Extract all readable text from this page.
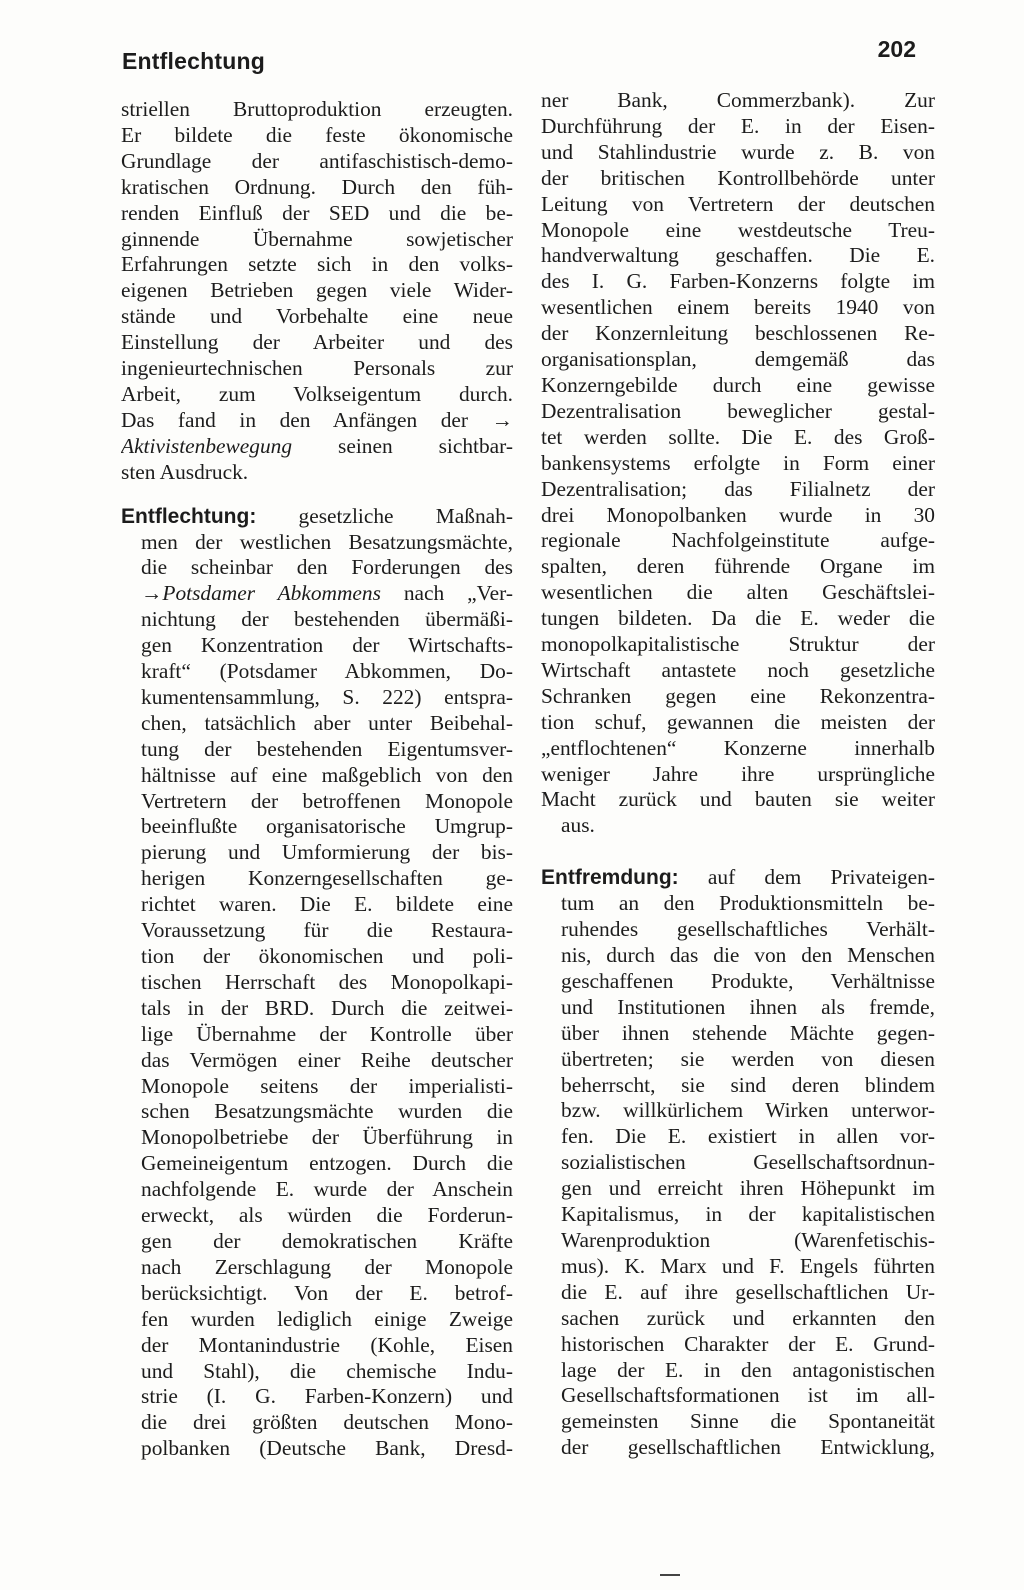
Entflechtung	202
striellen Bruttoproduktion erzeugten.
Er bildete die feste ökonomische
Grundlage der antifaschistisch-demo-
kratischen Ordnung. Durch den füh-
renden Einfluß der SED und die be-
ginnende Übernahme sowjetischer
Erfahrungen setzte sich in den volks-
eigenen Betrieben gegen viele Wider-
stände und Vorbehalte eine neue
Einstellung der Arbeiter und des
ingenieurtechnischen Personals zur
Arbeit, zum Volkseigentum durch.
Das fand in den Anfängen der →
Aktivistenbewegung seinen sichtbar-
sten Ausdruck.
Entflechtung: gesetzliche Maßnah-
men der westlichen Besatzungsmächte,
die scheinbar den Forderungen des
→Potsdamer Abkommens nach „Ver-
nichtung der bestehenden übermäßi-
gen Konzentration der Wirtschafts-
kraft“ (Potsdamer Abkommen, Do-
kumentensammlung, S. 222) entspra-
chen, tatsächlich aber unter Beibehal-
tung der bestehenden Eigentumsver-
hältnisse auf eine maßgeblich von den
Vertretern der betroffenen Monopole
beeinflußte organisatorische Umgrup-
pierung und Umformierung der bis-
herigen Konzerngesellschaften ge-
richtet waren. Die E. bildete eine
Voraussetzung für die Restaura-
tion der ökonomischen und poli-
tischen Herrschaft des Monopolkapi-
tals in der BRD. Durch die zeitwei-
lige Übernahme der Kontrolle über
das Vermögen einer Reihe deutscher
Monopole seitens der imperialisti-
schen Besatzungsmächte wurden die
Monopolbetriebe der Überführung in
Gemeineigentum entzogen. Durch die
nachfolgende E. wurde der Anschein
erweckt, als würden die Forderun-
gen der demokratischen Kräfte
nach Zerschlagung der Monopole
berücksichtigt. Von der E. betrof-
fen wurden lediglich einige Zweige
der Montanindustrie (Kohle, Eisen
und Stahl), die chemische Indu-
strie (I. G. Farben-Konzern) und
die drei größten deutschen Mono-
polbanken (Deutsche Bank, Dresd-
ner Bank, Commerzbank). Zur
Durchführung der E. in der Eisen-
und Stahlindustrie wurde z. B. von
der britischen Kontrollbehörde unter
Leitung von Vertretern der deutschen
Monopole eine westdeutsche Treu-
handverwaltung geschaffen. Die E.
des I. G. Farben-Konzerns folgte im
wesentlichen einem bereits 1940 von
der Konzernleitung beschlossenen Re-
organisationsplan, demgemäß das
Konzerngebilde durch eine gewisse
Dezentralisation beweglicher gestal-
tet werden sollte. Die E. des Groß-
bankensystems erfolgte in Form einer
Dezentralisation; das Filialnetz der
drei Monopolbanken wurde in 30
regionale Nachfolgeinstitute aufge-
spalten, deren führende Organe im
wesentlichen die alten Geschäftslei-
tungen bildeten. Da die E. weder die
monopolkapitalistische Struktur der
Wirtschaft antastete noch gesetzliche
Schranken gegen eine Rekonzentra-
tion schuf, gewannen die meisten der
„entflochtenen“ Konzerne innerhalb
weniger Jahre ihre ursprüngliche
Macht zurück und bauten sie weiter
aus.
Entfremdung: auf dem Privateigen-
tum an den Produktionsmitteln be-
ruhendes gesellschaftliches Verhält-
nis, durch das die von den Menschen
geschaffenen Produkte, Verhältnisse
und Institutionen ihnen als fremde,
über ihnen stehende Mächte gegen-
übertreten; sie werden von diesen
beherrscht, sie sind deren blindem
bzw. willkürlichem Wirken unterwor-
fen. Die E. existiert in allen vor-
sozialistischen Gesellschaftsordnun-
gen und erreicht ihren Höhepunkt im
Kapitalismus, in der kapitalistischen
Warenproduktion (Warenfetischis-
mus). K. Marx und F. Engels führten
die E. auf ihre gesellschaftlichen Ur-
sachen zurück und erkannten den
historischen Charakter der E. Grund-
lage der E. in den antagonistischen
Gesellschaftsformationen ist im all-
gemeinsten Sinne die Spontaneität
der gesellschaftlichen Entwicklung,
